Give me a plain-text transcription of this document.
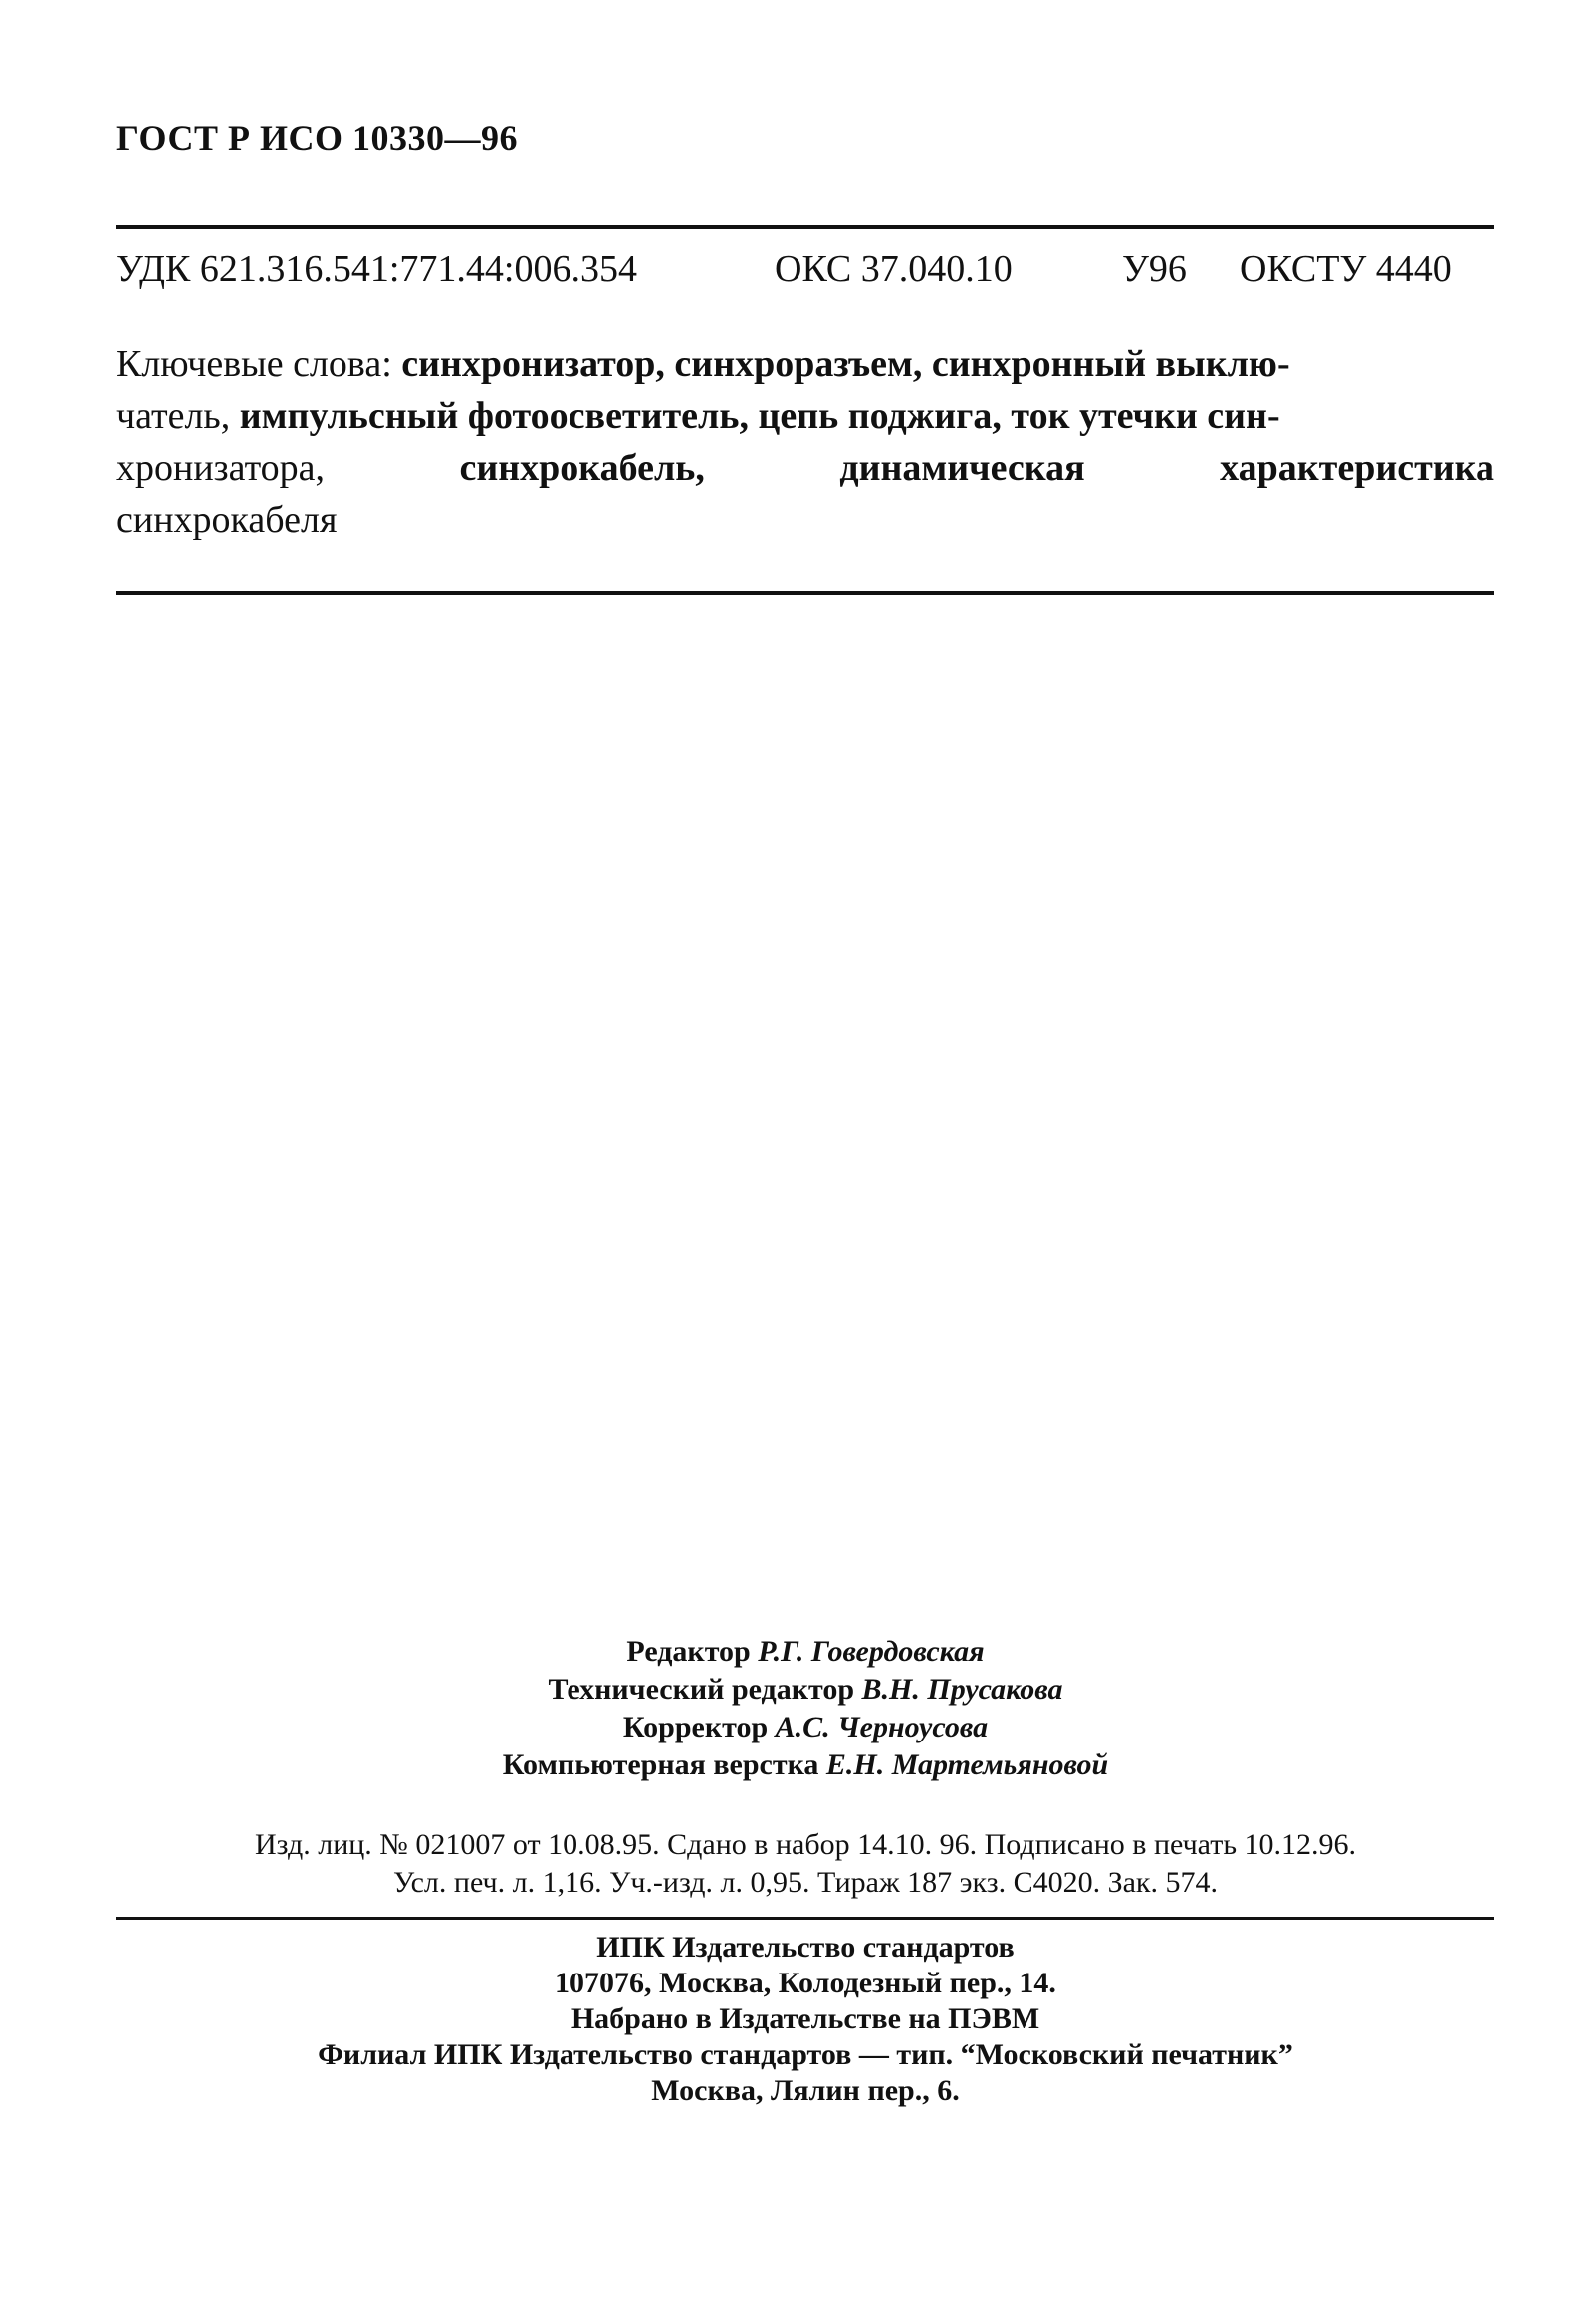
ГОСТ Р ИСО 10330—96
УДК 621.316.541:771.44:006.354	ОКС 37.040.10	У96 ОКСТУ 4440
Ключевые слова: синхронизатор, синхроразъем, синхронный выклю-
чатель, импульсный фотоосветитель, цепь поджига, ток утечки син-
хронизатора,	синхрокабель,	динамическая	характеристика
синхрокабеля
Редактор Р.Г. Говердовская
Технический редактор В.Н. Прусакова
Корректор А.С. Черноусова
Компьютерная верстка Е.Н. Мартемьяновой
Изд. лиц. № 021007 от 10.08.95. Сдано в набор 14.10. 96. Подписано в печать 10.12.96.
Усл. печ. л. 1,16. Уч.-изд. л. 0,95. Тираж 187 экз. С4020. Зак. 574.
ИПК Издательство стандартов
107076, Москва, Колодезный пер., 14.
Набрано в Издательстве на ПЭВМ
Филиал ИПК Издательство стандартов — тип. “Московский печатник”
Москва, Лялин пер., 6.
